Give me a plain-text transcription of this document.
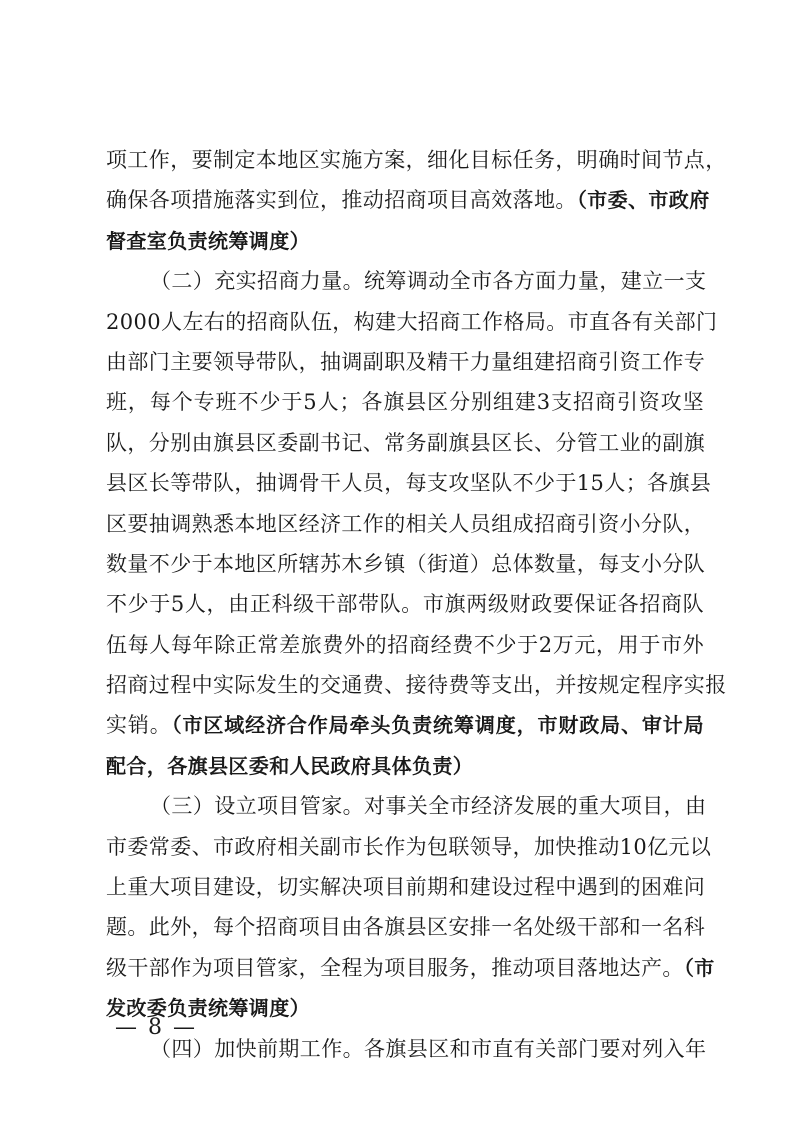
项工作，要制定本地区实施方案，细化目标任务，明确时间节点，
确保各项措施落实到位，推动招商项目高效落地。（市委、市政府
督查室负责统筹调度）
（二）充实招商力量。统筹调动全市各方面力量，建立一支
2000人左右的招商队伍，构建大招商工作格局。市直各有关部门
由部门主要领导带队，抽调副职及精干力量组建招商引资工作专
班，每个专班不少于5人；各旗县区分别组建3支招商引资攻坚
队，分别由旗县区委副书记、常务副旗县区长、分管工业的副旗
县区长等带队，抽调骨干人员，每支攻坚队不少于15人；各旗县
区要抽调熟悉本地区经济工作的相关人员组成招商引资小分队，
数量不少于本地区所辖苏木乡镇（街道）总体数量，每支小分队
不少于5人，由正科级干部带队。市旗两级财政要保证各招商队
伍每人每年除正常差旅费外的招商经费不少于2万元，用于市外
招商过程中实际发生的交通费、接待费等支出，并按规定程序实报
实销。（市区域经济合作局牵头负责统筹调度，市财政局、审计局
配合，各旗县区委和人民政府具体负责）
（三）设立项目管家。对事关全市经济发展的重大项目，由
市委常委、市政府相关副市长作为包联领导，加快推动10亿元以
上重大项目建设，切实解决项目前期和建设过程中遇到的困难问
题。此外，每个招商项目由各旗县区安排一名处级干部和一名科
级干部作为项目管家，全程为项目服务，推动项目落地达产。（市
发改委负责统筹调度）
（四）加快前期工作。各旗县区和市直有关部门要对列入年
— 8 —
